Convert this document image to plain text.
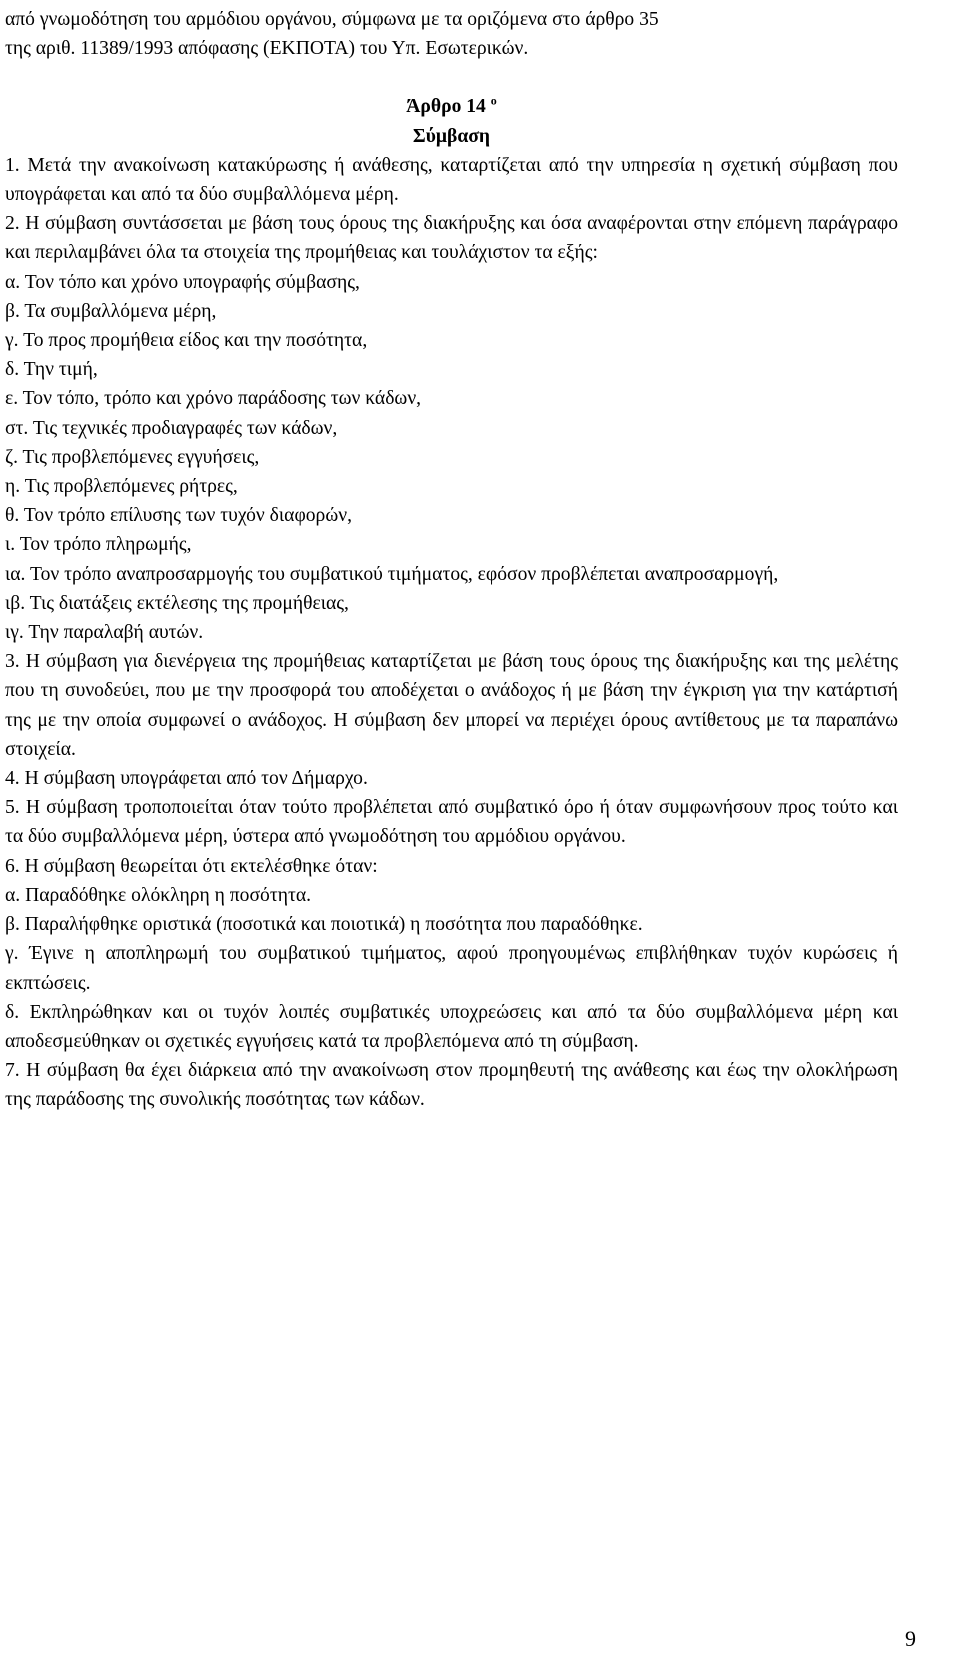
από γνωμοδότηση του αρμόδιου οργάνου, σύμφωνα με τα οριζόμενα στο άρθρο 35

της αριθ. 11389/1993 απόφασης (ΕΚΠΟΤΑ) του Υπ. Εσωτερικών.

Άρθρο 14 $^o$

Σύμβαση

1. Μετά την ανακοίνωση κατακύρωσης ή ανάθεσης, καταρτίζεται από την υπηρεσία η σχετική σύμβαση που υπογράφεται και από τα δύο συμβαλλόμενα μέρη.

2. Η σύμβαση συντάσσεται με βάση τους όρους της διακήρυξης και όσα αναφέρονται στην επόμενη παράγραφο και περιλαμβάνει όλα τα στοιχεία της προμήθειας και τουλάχιστον τα εξής:

α. Τον τόπο και χρόνο υπογραφής σύμβασης,

β. Τα συμβαλλόμενα μέρη,

γ. Το προς προμήθεια είδος και την ποσότητα,

δ. Την τιμή,

ε. Τον τόπο, τρόπο και χρόνο παράδοσης των κάδων,

στ. Τις τεχνικές προδιαγραφές των κάδων,

ζ. Τις προβλεπόμενες εγγυήσεις,

η. Τις προβλεπόμενες ρήτρες,

θ. Τον τρόπο επίλυσης των τυχόν διαφορών,

ι. Τον τρόπο πληρωμής,

ια. Τον τρόπο αναπροσαρμογής του συμβατικού τιμήματος, εφόσον προβλέπεται αναπροσαρμογή,

ιβ. Τις διατάξεις εκτέλεσης της προμήθειας,

ιγ. Την παραλαβή αυτών.

3. Η σύμβαση για διενέργεια της προμήθειας καταρτίζεται με βάση τους όρους της διακήρυξης και της μελέτης που τη συνοδεύει, που με την προσφορά του αποδέχεται ο ανάδοχος ή με βάση την έγκριση για την κατάρτισή της με την οποία συμφωνεί ο ανάδοχος. Η σύμβαση δεν μπορεί να περιέχει όρους αντίθετους με τα παραπάνω στοιχεία.

4. Η σύμβαση υπογράφεται από τον Δήμαρχο.

5. Η σύμβαση τροποποιείται όταν τούτο προβλέπεται από συμβατικό όρο ή όταν συμφωνήσουν προς τούτο και τα δύο συμβαλλόμενα μέρη, ύστερα από γνωμοδότηση του αρμόδιου οργάνου.

6. Η σύμβαση θεωρείται ότι εκτελέσθηκε όταν:

α. Παραδόθηκε ολόκληρη η ποσότητα.

β. Παραλήφθηκε οριστικά (ποσοτικά και ποιοτικά) η ποσότητα που παραδόθηκε.

γ. Έγινε η αποπληρωμή του συμβατικού τιμήματος, αφού προηγουμένως επιβλήθηκαν τυχόν κυρώσεις ή εκπτώσεις.

δ. Εκπληρώθηκαν και οι τυχόν λοιπές συμβατικές υποχρεώσεις και από τα δύο συμβαλλόμενα μέρη και αποδεσμεύθηκαν οι σχετικές εγγυήσεις κατά τα προβλεπόμενα από τη σύμβαση.

7. Η σύμβαση θα έχει διάρκεια από την ανακοίνωση στον προμηθευτή της ανάθεσης και έως την ολοκλήρωση της παράδοσης της συνολικής ποσότητας των κάδων.

9
